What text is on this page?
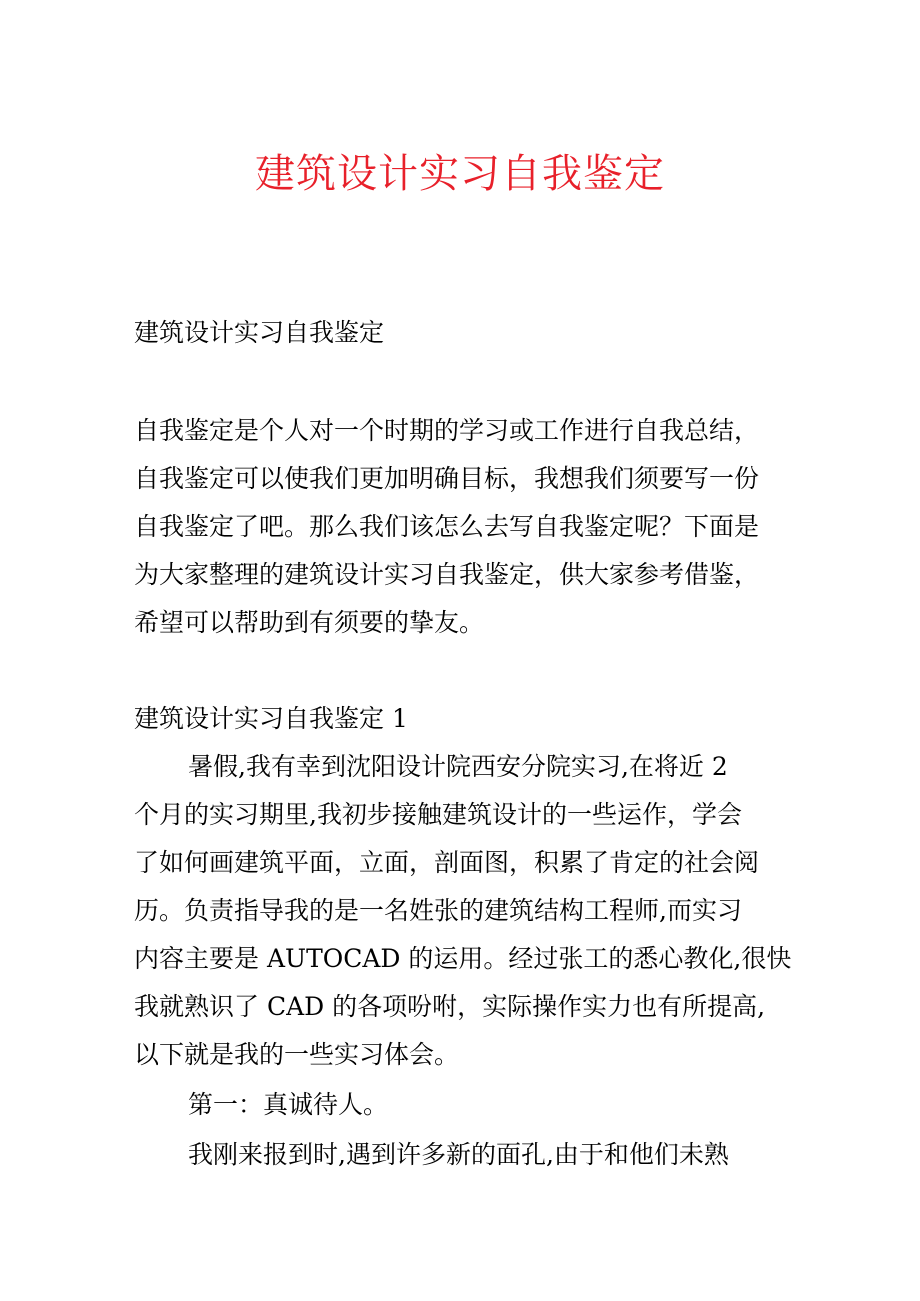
建筑设计实习自我鉴定

建筑设计实习自我鉴定

自我鉴定是个人对一个时期的学习或工作进行自我总结，

自我鉴定可以使我们更加明确目标，我想我们须要写一份

自我鉴定了吧。那么我们该怎么去写自我鉴定呢？下面是

为大家整理的建筑设计实习自我鉴定，供大家参考借鉴，

希望可以帮助到有须要的挚友。

建筑设计实习自我鉴定 1

暑假,我有幸到沈阳设计院西安分院实习,在将近 2

个月的实习期里,我初步接触建筑设计的一些运作，学会

了如何画建筑平面，立面，剖面图，积累了肯定的社会阅

历。负责指导我的是一名姓张的建筑结构工程师,而实习

内容主要是 AUTOCAD 的运用。经过张工的悉心教化,很快

我就熟识了 CAD 的各项吩咐，实际操作实力也有所提高,

以下就是我的一些实习体会。

第一：真诚待人。

我刚来报到时,遇到许多新的面孔,由于和他们未熟
